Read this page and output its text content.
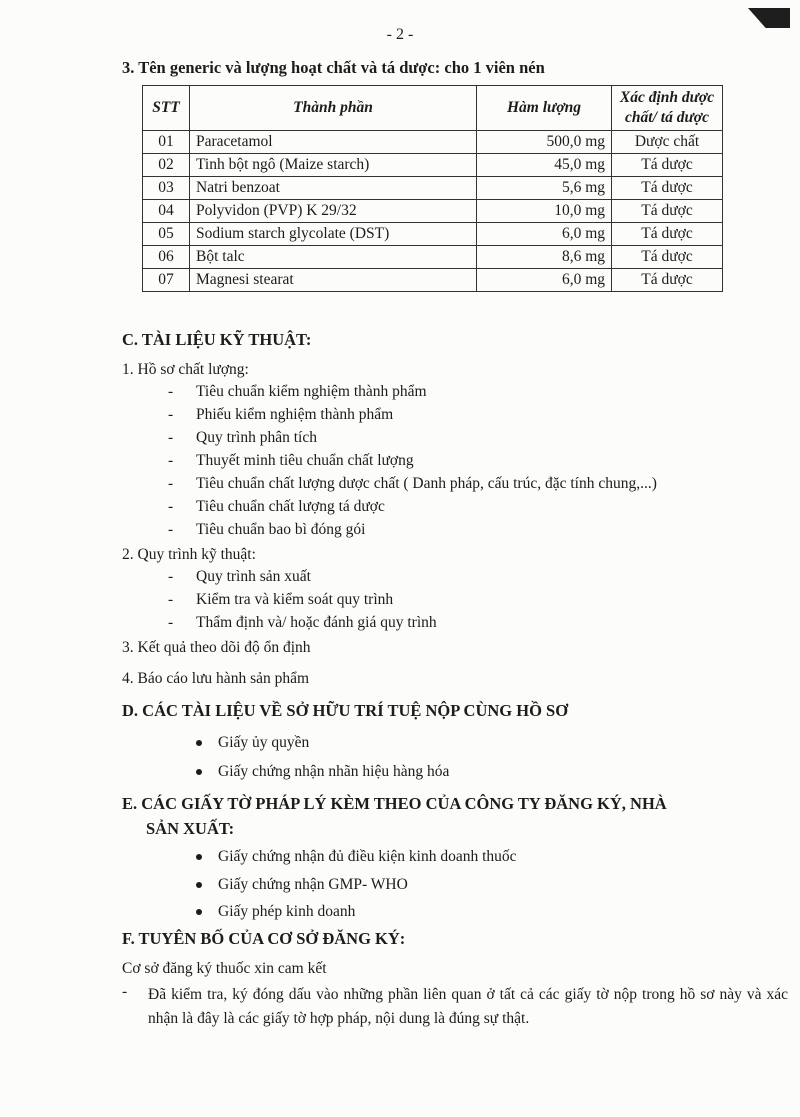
- 2 -
3. Tên generic và lượng hoạt chất và tá dược: cho 1 viên nén
STT	Thành phần	Hàm lượng	Xác định dược
chất/ tá dược
01	Paracetamol	500,0 mg	Dược chất
02	Tinh bột ngô (Maize starch)	45,0 mg	Tá dược
03	Natri benzoat	5,6 mg	Tá dược
04	Polyvidon (PVP) K 29/32	10,0 mg	Tá dược
05	Sodium starch glycolate (DST)	6,0 mg	Tá dược
06	Bột talc	8,6 mg	Tá dược
07	Magnesi stearat	6,0 mg	Tá dược
C. TÀI LIỆU KỸ THUẬT:
1. Hồ sơ chất lượng:
- Tiêu chuẩn kiểm nghiệm thành phẩm
- Phiếu kiểm nghiệm thành phẩm
- Quy trình phân tích
- Thuyết minh tiêu chuẩn chất lượng
- Tiêu chuẩn chất lượng dược chất ( Danh pháp, cấu trúc, đặc tính chung,...)
- Tiêu chuẩn chất lượng tá dược
- Tiêu chuẩn bao bì đóng gói
2. Quy trình kỹ thuật:
- Quy trình sản xuất
- Kiểm tra và kiểm soát quy trình
- Thẩm định và/ hoặc đánh giá quy trình
3. Kết quả theo dõi độ ổn định
4. Báo cáo lưu hành sản phẩm
D. CÁC TÀI LIỆU VỀ SỞ HỮU TRÍ TUỆ NỘP CÙNG HỒ SƠ
Giấy ủy quyền
Giấy chứng nhận nhãn hiệu hàng hóa
E. CÁC GIẤY TỜ PHÁP LÝ KÈM THEO CỦA CÔNG TY ĐĂNG KÝ, NHÀ
SẢN XUẤT:
Giấy chứng nhận đủ điều kiện kinh doanh thuốc
Giấy chứng nhận GMP- WHO
Giấy phép kinh doanh
F. TUYÊN BỐ CỦA CƠ SỞ ĐĂNG KÝ:
Cơ sở đăng ký thuốc xin cam kết
- Đã kiểm tra, ký đóng dấu vào những phần liên quan ở tất cả các giấy tờ nộp trong hồ sơ này và xác nhận là đây là các giấy tờ hợp pháp, nội dung là đúng sự thật.
